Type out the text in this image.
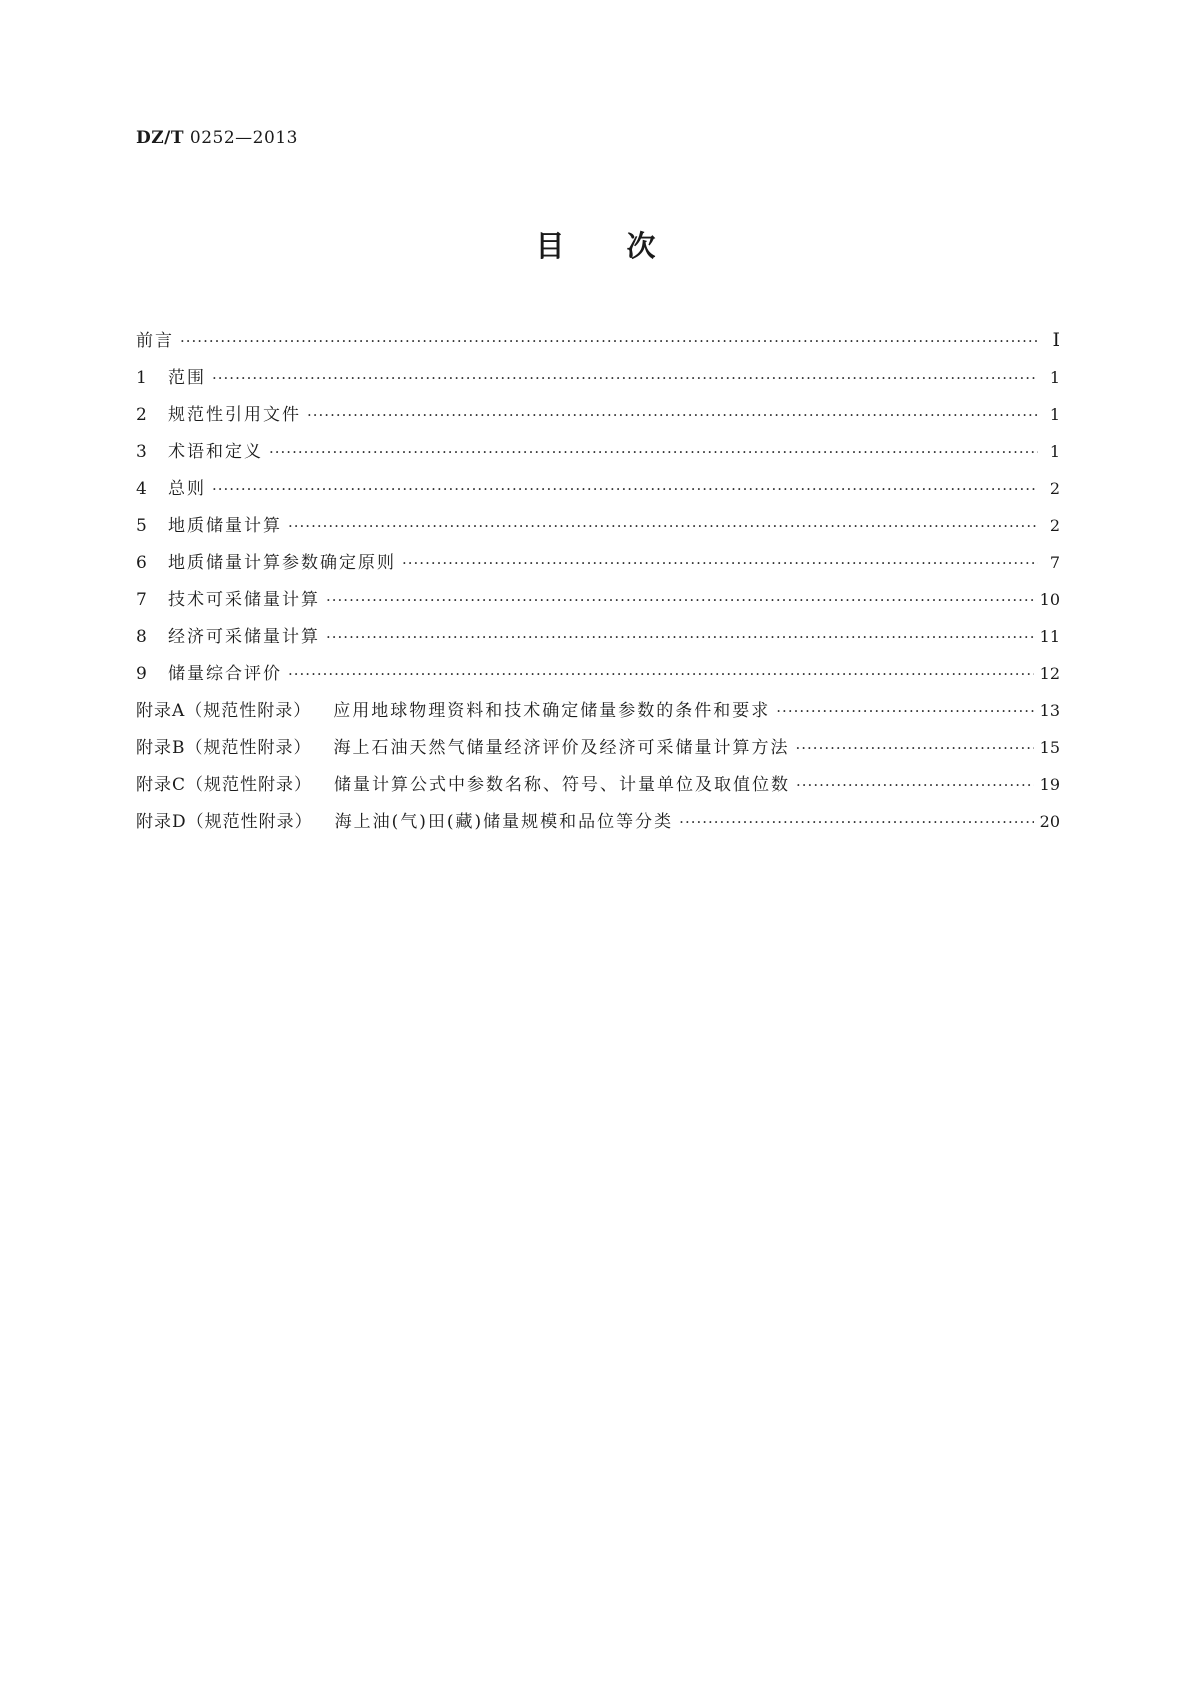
DZ/T 0252—2013
目次
前言 ·····	Ⅰ
1	范围 ·····	1
2	规范性引用文件 ·····	1
3	术语和定义 ·····	1
4	总则 ·····	2
5	地质储量计算 ·····	2
6	地质储量计算参数确定原则 ·····	7
7	技术可采储量计算 ·····	10
8	经济可采储量计算 ·····	11
9	储量综合评价 ·····	12
附录A（规范性附录） 应用地球物理资料和技术确定储量参数的条件和要求 ·····	13
附录B（规范性附录） 海上石油天然气储量经济评价及经济可采储量计算方法 ·····	15
附录C（规范性附录） 储量计算公式中参数名称、符号、计量单位及取值位数 ·····	19
附录D（规范性附录） 海上油(气)田(藏)储量规模和品位等分类 ·····	20
